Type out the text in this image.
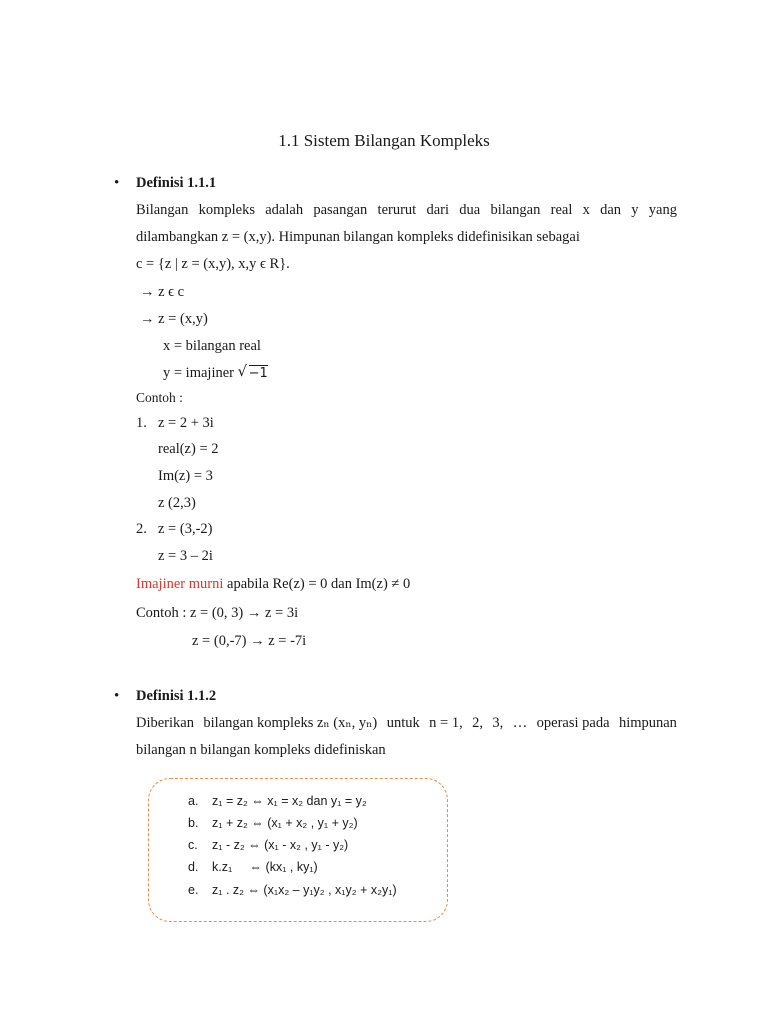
1.1 Sistem Bilangan Kompleks
• Definisi 1.1.1
Bilangan kompleks adalah pasangan terurut dari dua bilangan real x dan y yang
dilambangkan z = (x,y). Himpunan bilangan kompleks didefinisikan sebagai
c = {z | z = (x,y), x,y ϵ R}.
→ z ϵ c
→ z = (x,y)
x = bilangan real
y = imajiner √ −1
Contoh :
1. z = 2 + 3i
real(z) = 2
Im(z) = 3
z (2,3)
2. z = (3,-2)
z = 3 – 2i
Imajiner murni apabila Re(z) = 0 dan Im(z) ≠ 0
Contoh : z = (0, 3) → z = 3i
z = (0,-7) → z = -7i
• Definisi 1.1.2
Diberikan bilangan kompleks zₙ (xₙ, yₙ) untuk n = 1, 2, 3, … operasi pada himpunan
bilangan n bilangan kompleks didefiniskan
a. z₁ = z₂ ⇔ x₁ = x₂ dan y₁ = y₂
b. z₁ + z₂ ⇔ (x₁ + x₂ , y₁ + y₂)
c. z₁ - z₂ ⇔ (x₁ - x₂ , y₁ - y₂)
d. k.z₁     ⇔ (kx₁ , ky₁)
e. z₁ . z₂ ⇔ (x₁x₂ – y₁y₂ , x₁y₂ + x₂y₁)
